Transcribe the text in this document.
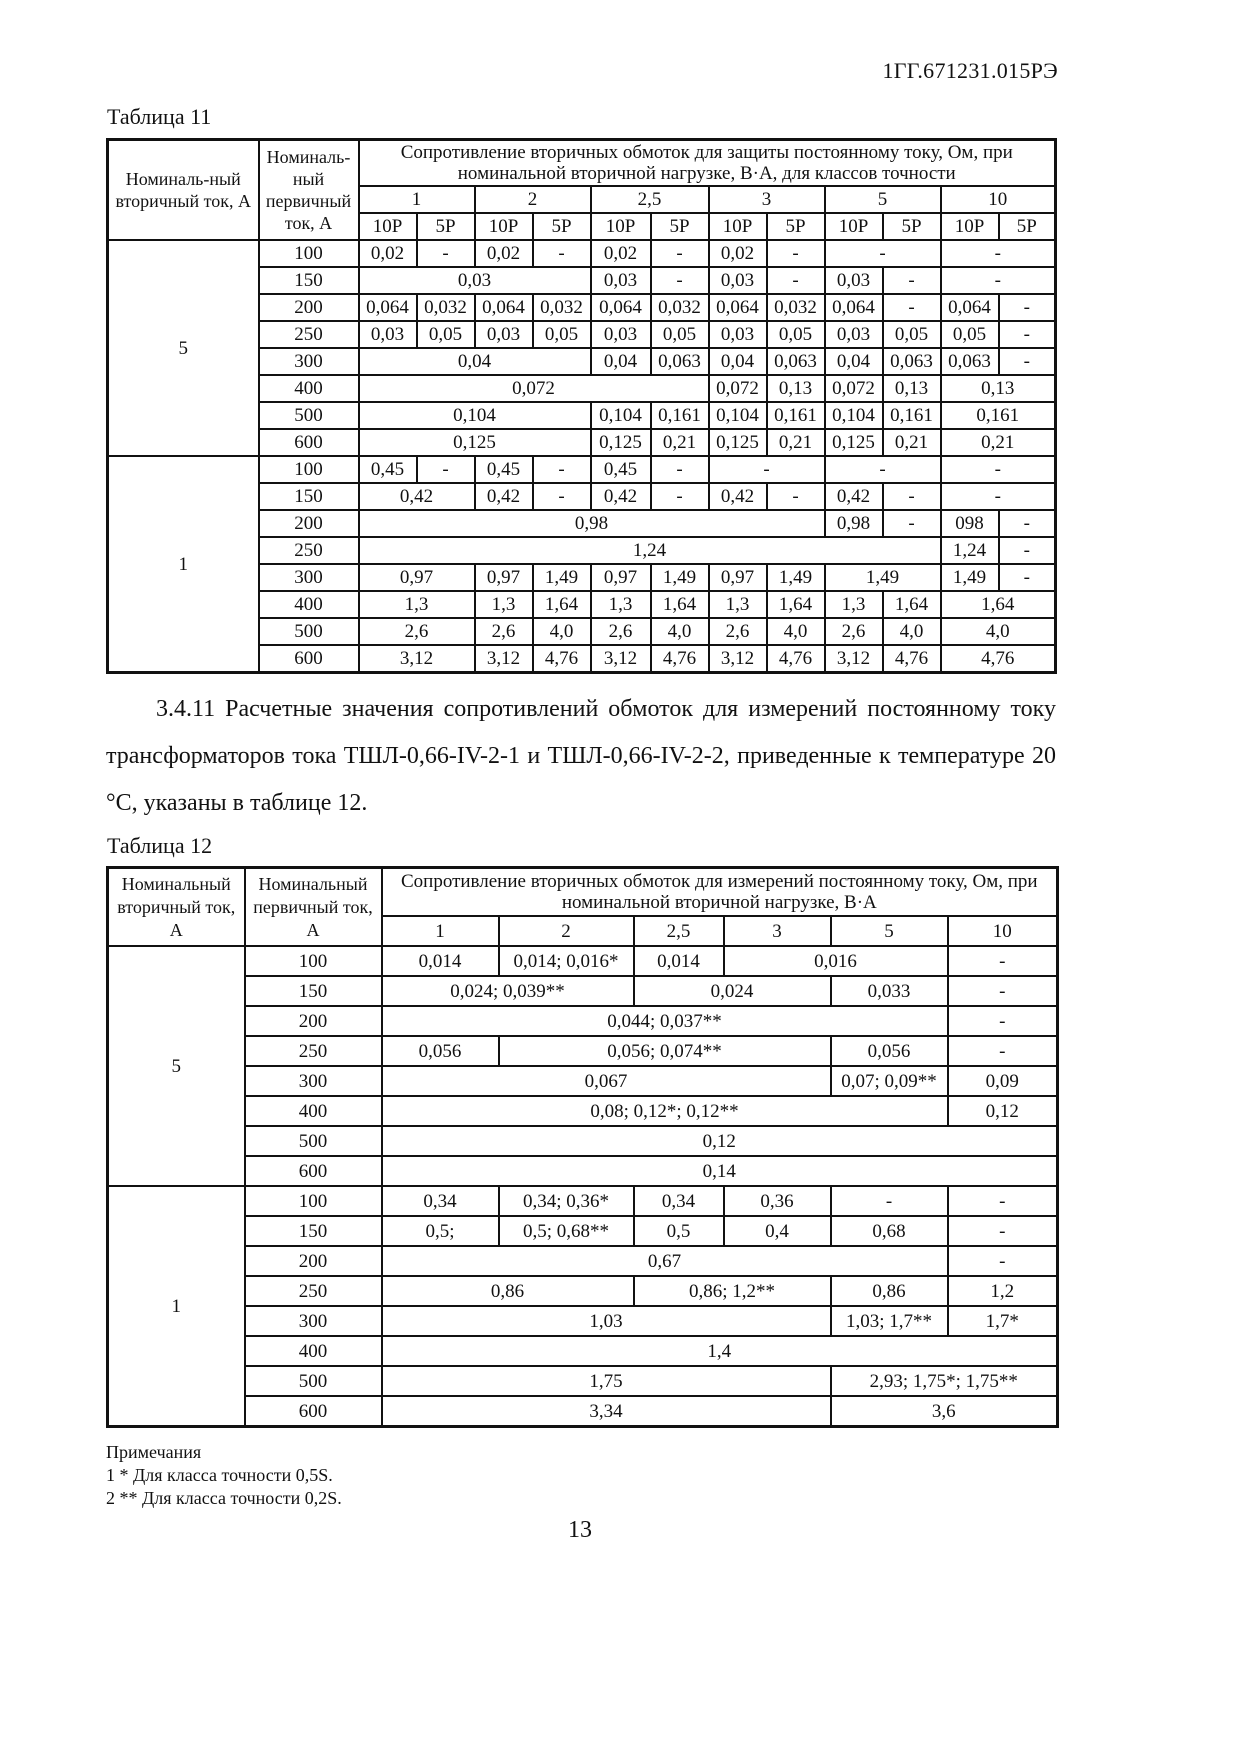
1ГГ.671231.015РЭ
Таблица 11
Номиналь-ный вторичный ток, А	Номиналь-ный первичный ток, А	Сопротивление вторичных обмоток для защиты постоянному току, Ом, при номинальной вторичной нагрузке, В·А, для классов точности											
		1		2		2,5		3		5		10	
		10Р	5Р	10Р	5Р	10Р	5Р	10Р	5Р	10Р	5Р	10Р	5Р
5	100	0,02	-	0,02	-	0,02	-	0,02	-	-		-	
	150	0,03				0,03	-	0,03	-	0,03	-	-	
	200	0,064	0,032	0,064	0,032	0,064	0,032	0,064	0,032	0,064	-	0,064	-
	250	0,03	0,05	0,03	0,05	0,03	0,05	0,03	0,05	0,03	0,05	0,05	-
	300	0,04				0,04	0,063	0,04	0,063	0,04	0,063	0,063	-
	400	0,072						0,072	0,13	0,072	0,13	0,13	
	500	0,104				0,104	0,161	0,104	0,161	0,104	0,161	0,161	
	600	0,125				0,125	0,21	0,125	0,21	0,125	0,21	0,21	
1	100	0,45	-	0,45	-	0,45	-	-		-		-	
	150	0,42		0,42	-	0,42	-	0,42	-	0,42	-	-	
	200	0,98								0,98	-	098	-
	250	1,24										1,24	-
	300	0,97		0,97	1,49	0,97	1,49	0,97	1,49	1,49		1,49	-
	400	1,3		1,3	1,64	1,3	1,64	1,3	1,64	1,3	1,64	1,64	
	500	2,6		2,6	4,0	2,6	4,0	2,6	4,0	2,6	4,0	4,0	
	600	3,12		3,12	4,76	3,12	4,76	3,12	4,76	3,12	4,76	4,76	
3.4.11 Расчетные значения сопротивлений обмоток для измерений постоянному току трансформаторов тока ТШЛ-0,66-IV-2-1 и ТШЛ-0,66-IV-2-2, приведенные к температуре 20 °С, указаны в таблице 12.
Таблица 12
Номинальный вторичный ток, А	Номинальный первичный ток, А	Сопротивление вторичных обмоток для измерений постоянному току, Ом, при номинальной вторичной нагрузке, В·А					
		1	2	2,5	3	5	10
5	100	0,014	0,014; 0,016*	0,014	0,016		-
	150	0,024; 0,039**		0,024		0,033	-
	200	0,044; 0,037**					-
	250	0,056	0,056; 0,074**			0,056	-
	300	0,067				0,07; 0,09**	0,09
	400	0,08; 0,12*; 0,12**					0,12
	500	0,12					
	600	0,14					
1	100	0,34	0,34; 0,36*	0,34	0,36	-	-
	150	0,5;	0,5; 0,68**	0,5	0,4	0,68	-
	200	0,67					-
	250	0,86		0,86; 1,2**		0,86	1,2
	300	1,03				1,03; 1,7**	1,7*
	400	1,4					
	500	1,75				2,93; 1,75*; 1,75**	
	600	3,34				3,6	
Примечания
1 * Для класса точности 0,5S.
2 ** Для класса точности 0,2S.
13
